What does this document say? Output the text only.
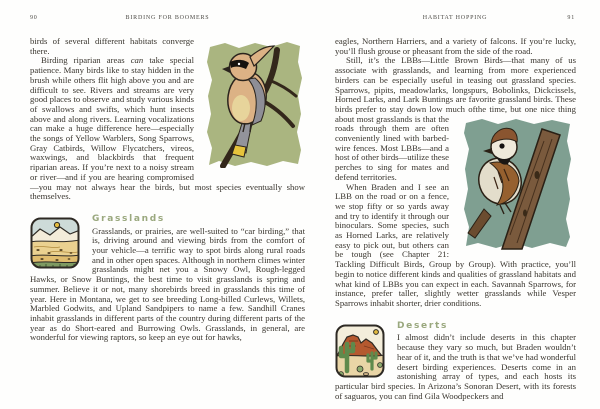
90	BIRDING FOR BOOMERS	HABITAT HOPPING	91

birds of several different habitats converge there.

Birding riparian areas can take special patience. Many birds like to stay hidden in the brush while others flit high above you and are difficult to see. Rivers and streams are very good places to observe and study various kinds of swallows and swifts, which hunt insects above and along rivers. Learning vocalizations can make a huge difference here—especially the songs of Yellow Warblers, Song Sparrows, Gray Catbirds, Willow Flycatchers, vireos, waxwings, and blackbirds that frequent riparian areas. If you’re next to a noisy stream or river—and if you are hearing compromised—you may not always hear the birds, but most species eventually show themselves.

Grasslands

Grasslands, or prairies, are well-suited to “car birding,” that is, driving around and viewing birds from the comfort of your vehicle—a terrific way to spot birds along rural roads and in other open spaces. Although in northern climes winter grasslands might net you a Snowy Owl, Rough-legged Hawks, or Snow Buntings, the best time to visit grasslands is spring and summer. Believe it or not, many shorebirds breed in grasslands this time of year. Here in Montana, we get to see breeding Long-billed Curlews, Willets, Marbled Godwits, and Upland Sandpipers to name a few. Sandhill Cranes inhabit grasslands in different parts of the country during different parts of the year as do Short-eared and Burrowing Owls. Grasslands, in general, are wonderful for viewing raptors, so keep an eye out for hawks,

eagles, Northern Harriers, and a variety of falcons. If you’re lucky, you’ll flush grouse or pheasant from the side of the road.

Still, it’s the LBBs—Little Brown Birds—that many of us associate with grasslands, and learning from more experienced birders can be especially useful in teasing out grassland species. Sparrows, pipits, meadowlarks, longspurs, Bobolinks, Dickcissels, Horned Larks, and Lark Buntings are favorite grassland birds. These birds prefer to stay down low much of
the time, but one nice thing about most grasslands is that the roads through them are often conveniently lined with barbed-wire fences. Most LBBs—and a host of other birds—utilize these perches to sing for mates and defend territories.

When Braden and I see an LBB on the road or on a fence, we stop fifty or so yards away and try to identify it through our binoculars. Some species, such as Horned Larks, are relatively easy to pick out, but others can be tough (see Chapter 21: Tackling Difficult Birds, Group by Group). With practice, you’ll begin to notice different kinds and qualities of grassland habitats and what kind of LBBs you can expect in each. Savannah Sparrows, for instance, prefer taller, slightly wetter grasslands while Vesper Sparrows inhabit shorter, drier conditions.

Deserts

I almost didn’t include deserts in this chapter because they vary so much, but Braden wouldn’t hear of it, and the truth is that we’ve had wonderful desert birding experiences. Deserts come in an astonishing array of types, and each hosts its particular bird species. In Arizona’s Sonoran Desert, with its forests of saguaros, you can find Gila Woodpeckers and
